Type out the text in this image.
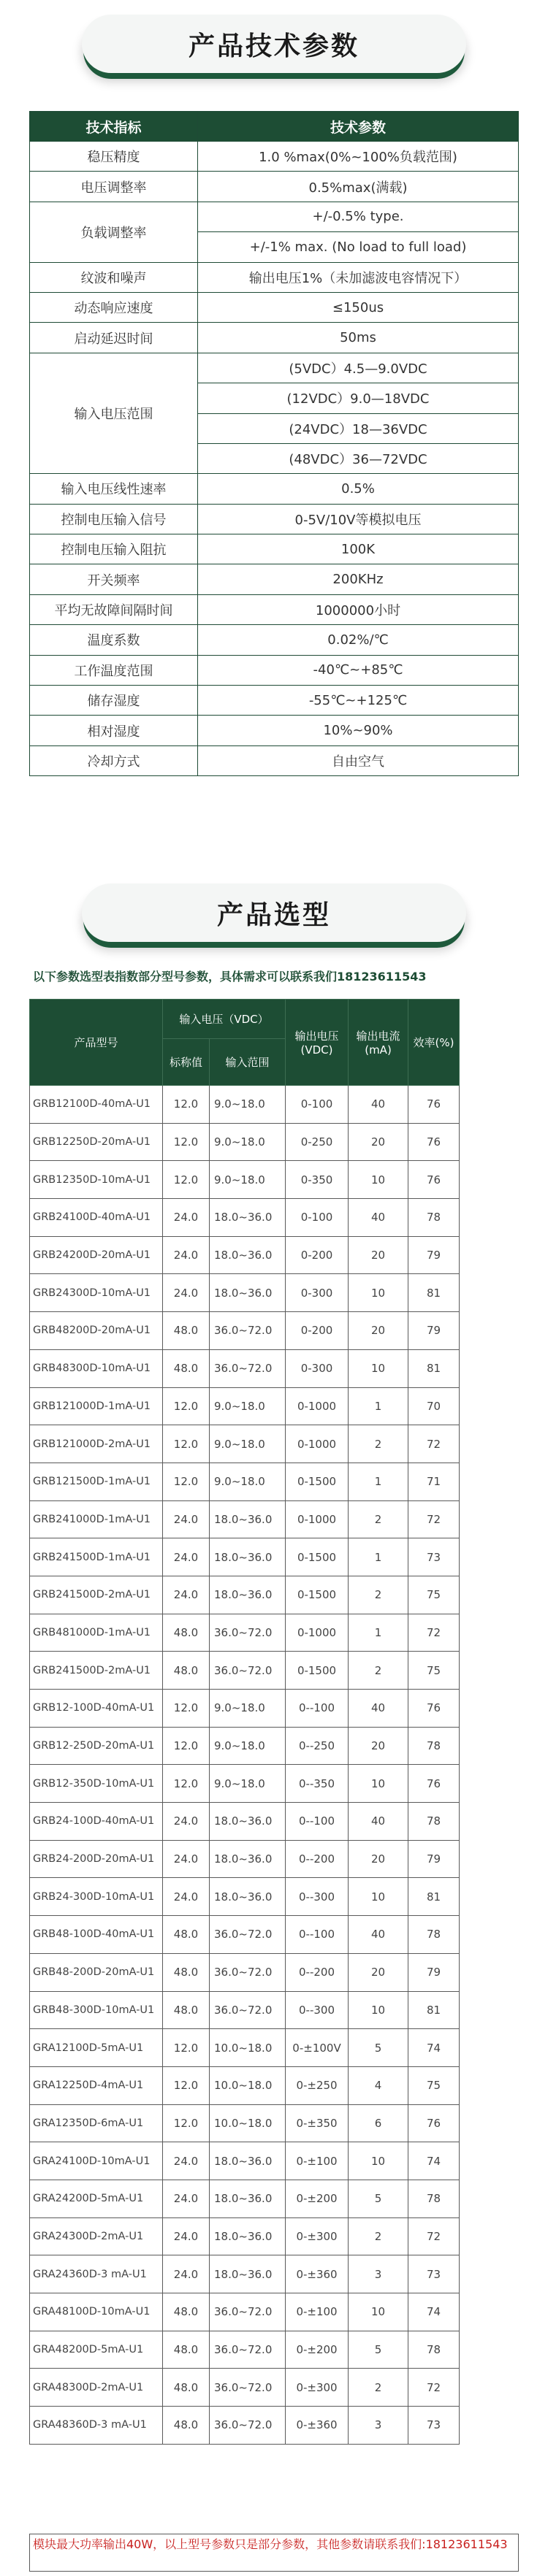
产品技术参数
技术指标	技术参数
稳压精度	1.0 %max(0%~100%负载范围)
电压调整率	0.5%max(满载)
负载调整率	+/-0.5% type.
	+/-1% max. (No load to full load)
纹波和噪声	输出电压1%（未加滤波电容情况下）
动态响应速度	≤150us
启动延迟时间	50ms
输入电压范围	(5VDC）4.5—9.0VDC
	(12VDC）9.0—18VDC
	(24VDC）18—36VDC
	(48VDC）36—72VDC
输入电压线性速率	0.5%
控制电压输入信号	0-5V/10V等模拟电压
控制电压输入阻抗	100K
开关频率	200KHz
平均无故障间隔时间	1000000小时
温度系数	0.02%/℃
工作温度范围	-40℃~+85℃
储存湿度	-55℃~+125℃
相对湿度	10%~90%
冷却方式	自由空气
产品选型
以下参数选型表指数部分型号参数，具体需求可以联系我们18123611543
产品型号	输入电压（VDC）		输出电压(VDC)	输出电流(mA)	效率(%)	
	标称值	输入范围				
GRB12100D-40mA-U1	12.0	9.0~18.0	0-100	40	76	
GRB12250D-20mA-U1	12.0	9.0~18.0	0-250	20	76	
GRB12350D-10mA-U1	12.0	9.0~18.0	0-350	10	76	
GRB24100D-40mA-U1	24.0	18.0~36.0	0-100	40	78	
GRB24200D-20mA-U1	24.0	18.0~36.0	0-200	20	79	
GRB24300D-10mA-U1	24.0	18.0~36.0	0-300	10	81	
GRB48200D-20mA-U1	48.0	36.0~72.0	0-200	20	79	
GRB48300D-10mA-U1	48.0	36.0~72.0	0-300	10	81	
GRB121000D-1mA-U1	12.0	9.0~18.0	0-1000	1	70	
GRB121000D-2mA-U1	12.0	9.0~18.0	0-1000	2	72	
GRB121500D-1mA-U1	12.0	9.0~18.0	0-1500	1	71	
GRB241000D-1mA-U1	24.0	18.0~36.0	0-1000	2	72	
GRB241500D-1mA-U1	24.0	18.0~36.0	0-1500	1	73	
GRB241500D-2mA-U1	24.0	18.0~36.0	0-1500	2	75	
GRB481000D-1mA-U1	48.0	36.0~72.0	0-1000	1	72	
GRB241500D-2mA-U1	48.0	36.0~72.0	0-1500	2	75	
GRB12-100D-40mA-U1	12.0	9.0~18.0	0--100	40	76	
GRB12-250D-20mA-U1	12.0	9.0~18.0	0--250	20	78	
GRB12-350D-10mA-U1	12.0	9.0~18.0	0--350	10	76	
GRB24-100D-40mA-U1	24.0	18.0~36.0	0--100	40	78	
GRB24-200D-20mA-U1	24.0	18.0~36.0	0--200	20	79	
GRB24-300D-10mA-U1	24.0	18.0~36.0	0--300	10	81	
GRB48-100D-40mA-U1	48.0	36.0~72.0	0--100	40	78	
GRB48-200D-20mA-U1	48.0	36.0~72.0	0--200	20	79	
GRB48-300D-10mA-U1	48.0	36.0~72.0	0--300	10	81	
GRA12100D-5mA-U1	12.0	10.0~18.0	0-±100V	5	74	
GRA12250D-4mA-U1	12.0	10.0~18.0	0-±250	4	75	
GRA12350D-6mA-U1	12.0	10.0~18.0	0-±350	6	76	
GRA24100D-10mA-U1	24.0	18.0~36.0	0-±100	10	74	
GRA24200D-5mA-U1	24.0	18.0~36.0	0-±200	5	78	
GRA24300D-2mA-U1	24.0	18.0~36.0	0-±300	2	72	
GRA24360D-3 mA-U1	24.0	18.0~36.0	0-±360	3	73	
GRA48100D-10mA-U1	48.0	36.0~72.0	0-±100	10	74	
GRA48200D-5mA-U1	48.0	36.0~72.0	0-±200	5	78	
GRA48300D-2mA-U1	48.0	36.0~72.0	0-±300	2	72	
GRA48360D-3 mA-U1	48.0	36.0~72.0	0-±360	3	73	
模块最大功率输出40W，以上型号参数只是部分参数，其他参数请联系我们:18123611543
